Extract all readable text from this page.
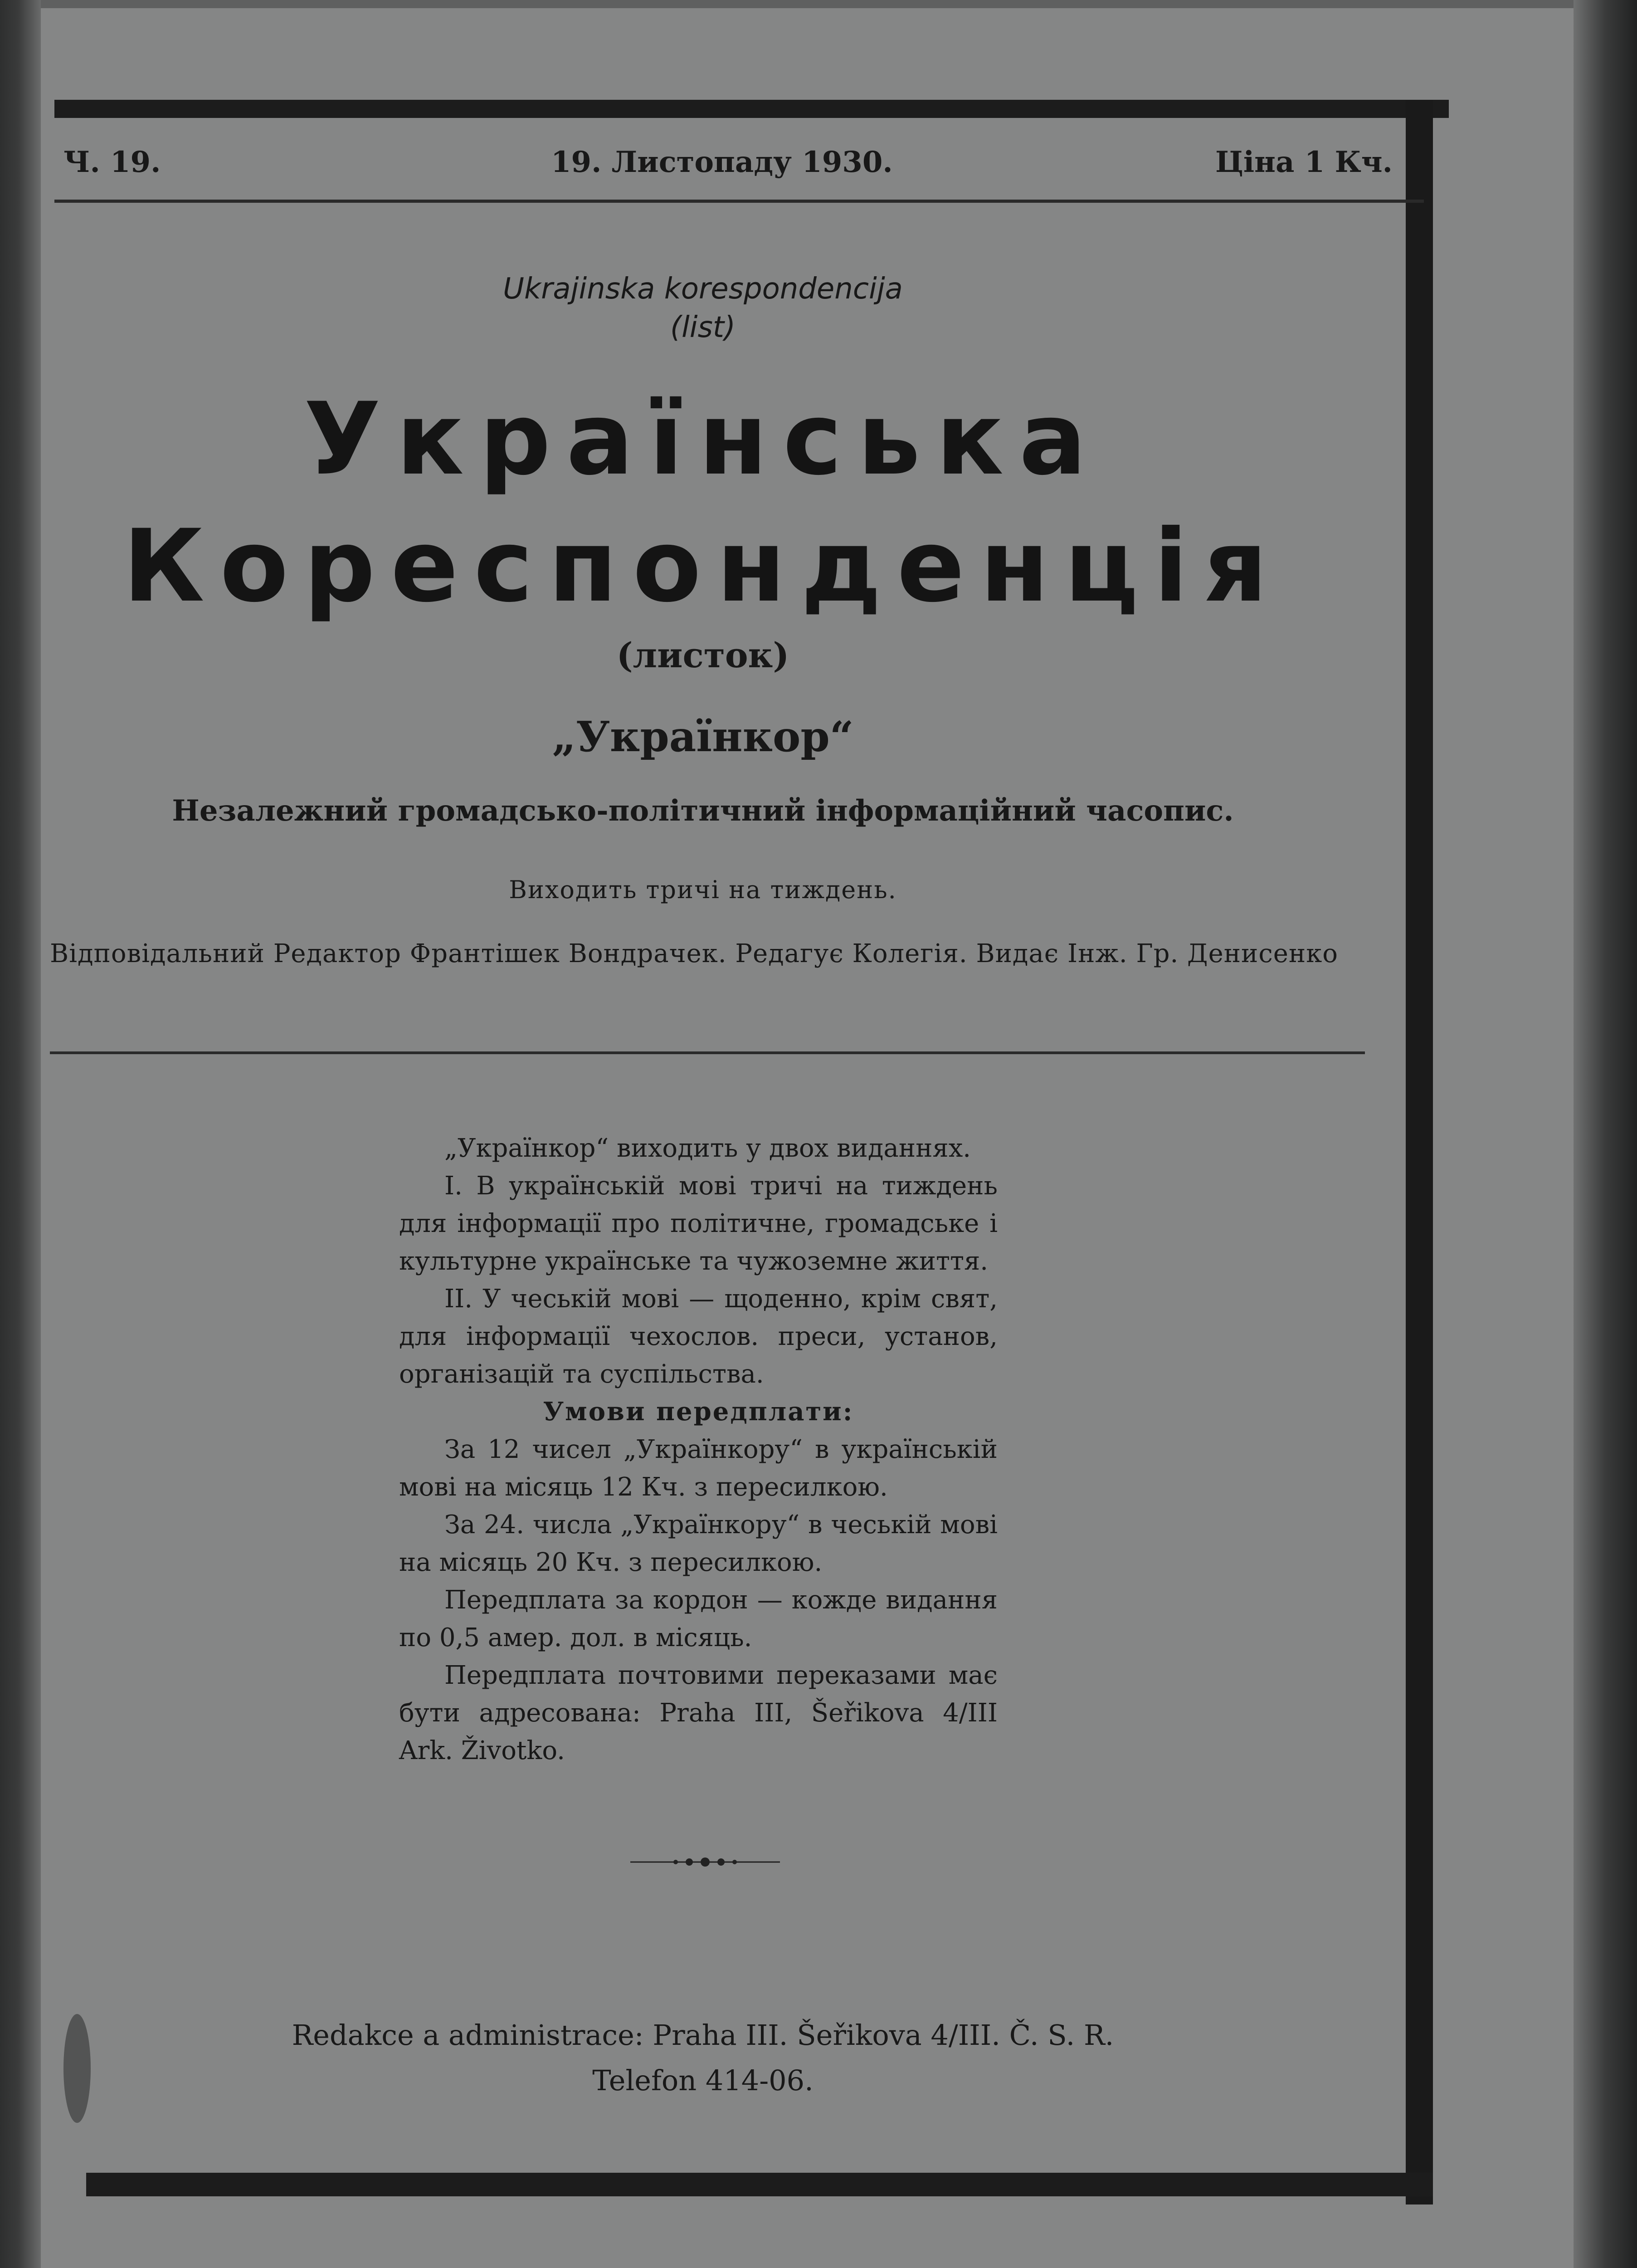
Ч. 19.	19. Листопаду 1930.	Ціна 1 Кч.
Ukrajinska korespondencija
(list)
Українська
Кореспонденція
(листок)
„Українкор“
Незалежний громадсько-політичний інформаційний часопис.
Виходить тричі на тиждень.
Відповідальний Редактор Франтішек Вондрачек. Редагує Колегія. Видає Інж. Гр. Денисенко

„Українкор“ виходить у двох виданнях.

I. В українській мові тричі на тиждень для інформації про політичне, громадське і культурне українське та чужоземне життя.

II. У чеській мові — щоденно, крім свят, для інформації чехослов. преси, установ, організацій та суспільства.

Умови передплати:

За 12 чисел „Українкору“ в українській мові на місяць 12 Кч. з пересилкою.

За 24. числа „Українкору“ в чеській мові на місяць 20 Кч. з пересилкою.

Передплата за кордон — кожде видання по 0,5 амер. дол. в місяць.

Передплата почтовими переказами має бути адресована: Praha III, Šeřikova 4/III Ark. Životko.

Redakce a administrace: Praha III. Šeřikova 4/III. Č. S. R.
Telefon 414-06.
